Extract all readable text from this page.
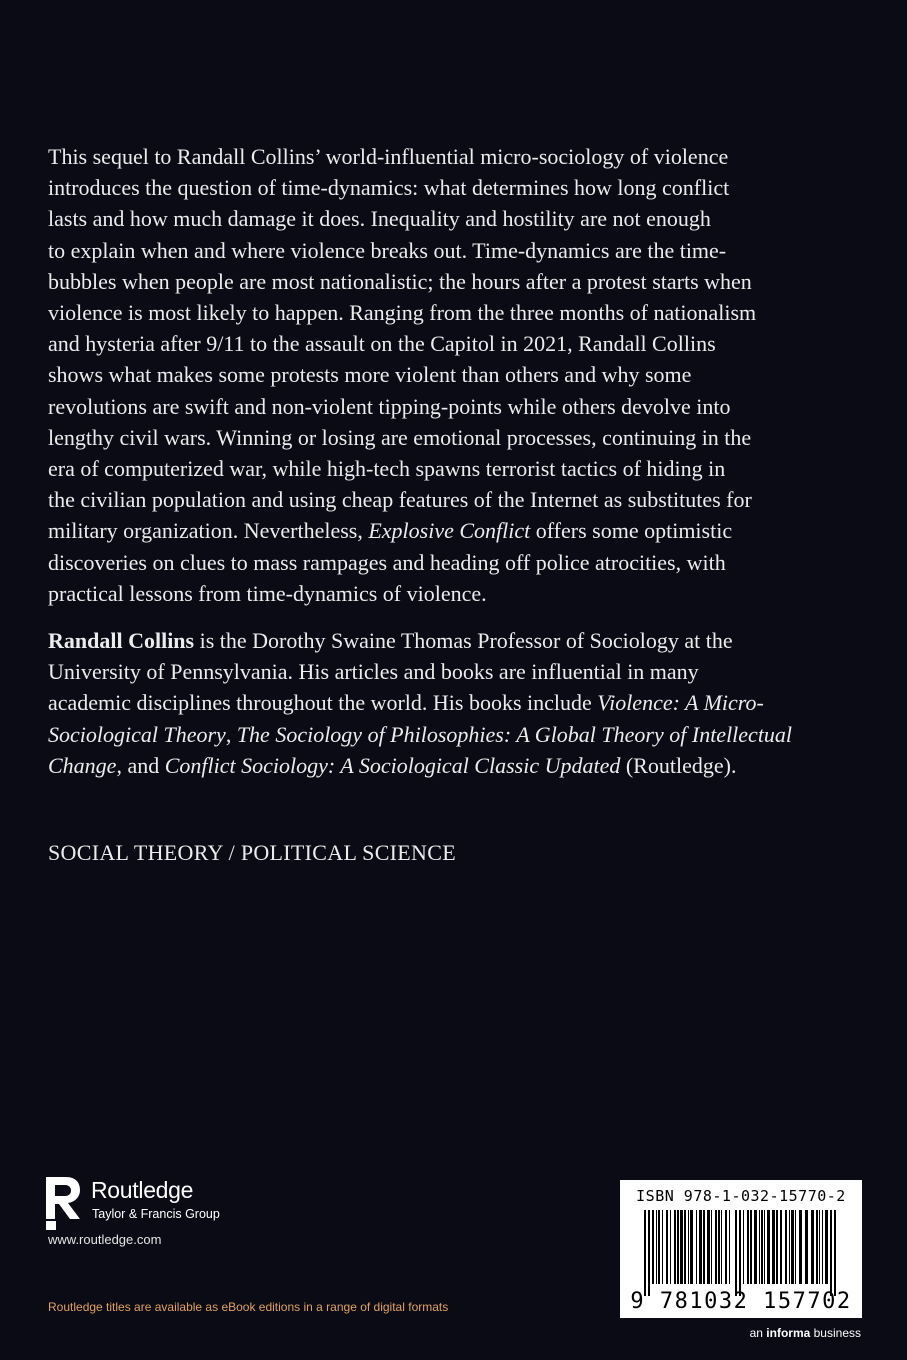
This sequel to Randall Collins’ world-influential micro-sociology of violence
introduces the question of time-dynamics: what determines how long conflict
lasts and how much damage it does. Inequality and hostility are not enough
to explain when and where violence breaks out. Time-dynamics are the time-
bubbles when people are most nationalistic; the hours after a protest starts when
violence is most likely to happen. Ranging from the three months of nationalism
and hysteria after 9/11 to the assault on the Capitol in 2021, Randall Collins
shows what makes some protests more violent than others and why some
revolutions are swift and non-violent tipping-points while others devolve into
lengthy civil wars. Winning or losing are emotional processes, continuing in the
era of computerized war, while high-tech spawns terrorist tactics of hiding in
the civilian population and using cheap features of the Internet as substitutes for
military organization. Nevertheless, Explosive Conflict offers some optimistic
discoveries on clues to mass rampages and heading off police atrocities, with
practical lessons from time-dynamics of violence.
Randall Collins is the Dorothy Swaine Thomas Professor of Sociology at the
University of Pennsylvania. His articles and books are influential in many
academic disciplines throughout the world. His books include Violence: A Micro-
Sociological Theory, The Sociology of Philosophies: A Global Theory of Intellectual
Change, and Conflict Sociology: A Sociological Classic Updated (Routledge).
SOCIAL THEORY / POLITICAL SCIENCE
Routledge
Taylor & Francis Group
www.routledge.com
Routledge titles are available as eBook editions in a range of digital formats
ISBN 978-1-032-15770-2
9 781032 157702
an informa business
